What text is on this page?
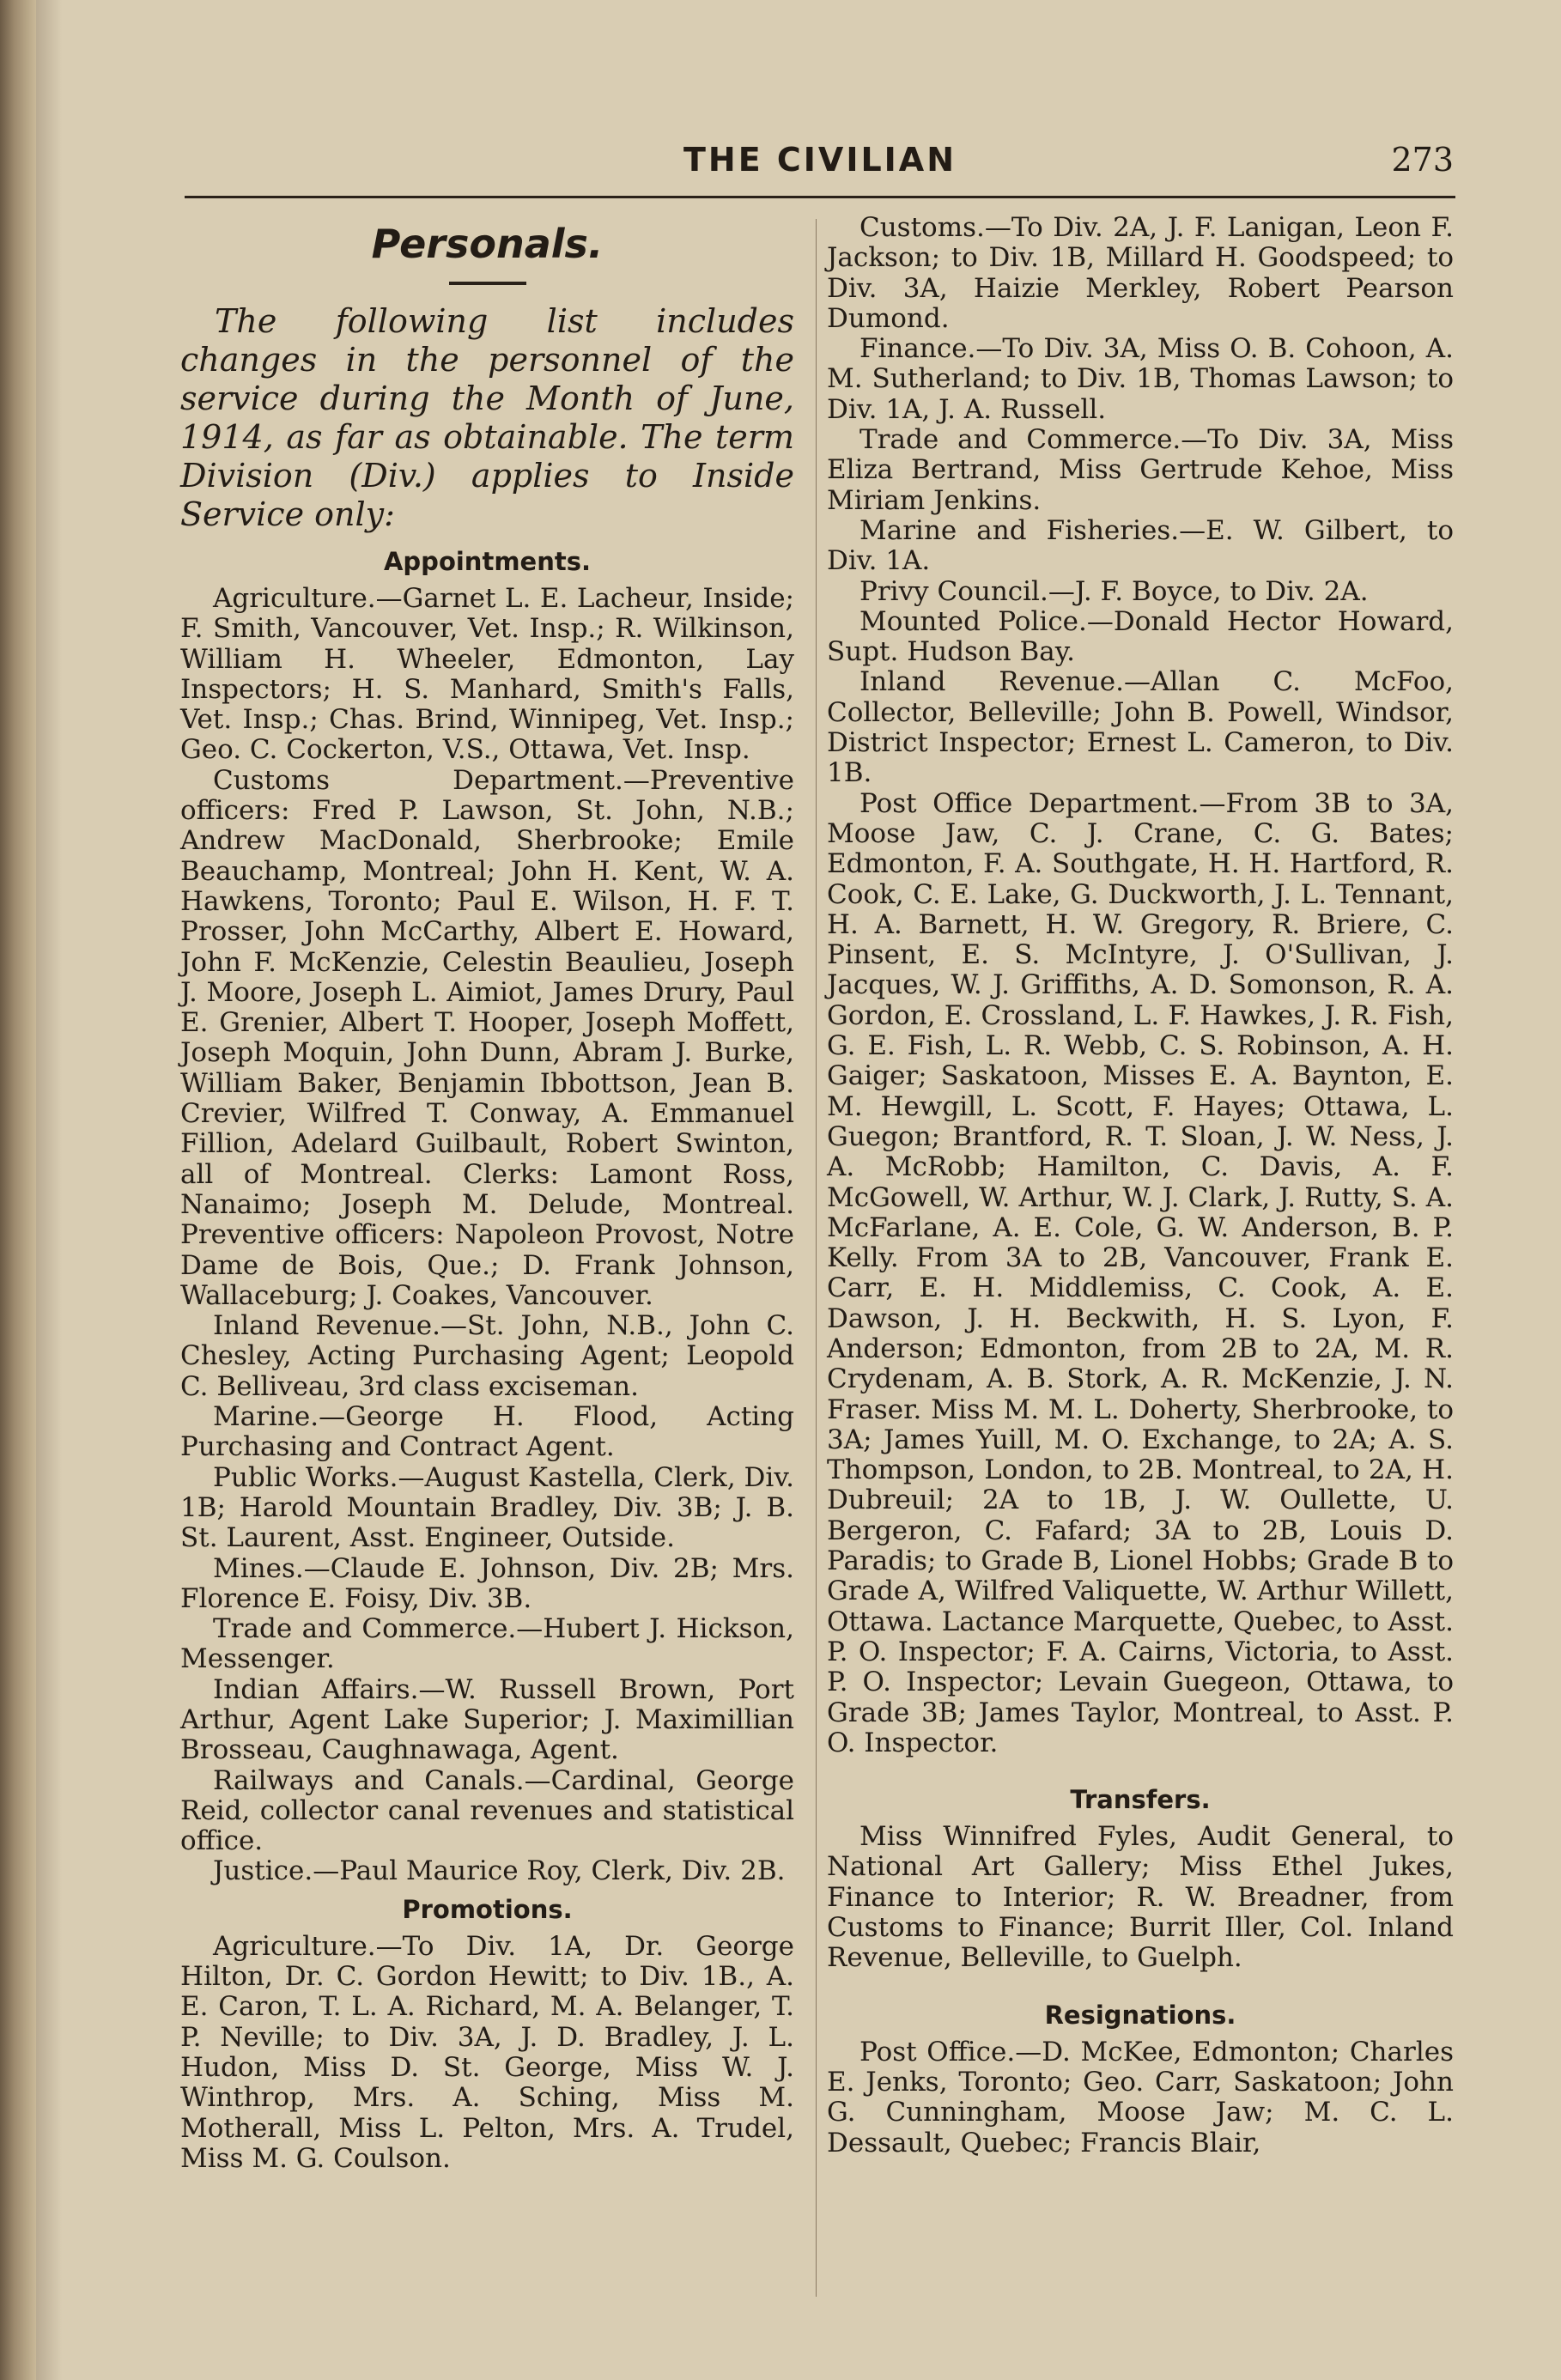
THE CIVILIAN	273
Personals.

The following list includes changes in the personnel of the service during the Month of June, 1914, as far as obtainable. The term Division (Div.) applies to Inside Service only:

Appointments.

Agriculture.—Garnet L. E. Lacheur, Inside; F. Smith, Vancouver, Vet. Insp.; R. Wilkinson, William H. Wheeler, Edmonton, Lay Inspectors; H. S. Manhard, Smith's Falls, Vet. Insp.; Chas. Brind, Winnipeg, Vet. Insp.; Geo. C. Cockerton, V.S., Ottawa, Vet. Insp.

Customs Department.—Preventive officers: Fred P. Lawson, St. John, N.B.; Andrew MacDonald, Sherbrooke; Emile Beauchamp, Montreal; John H. Kent, W. A. Hawkens, Toronto; Paul E. Wilson, H. F. T. Prosser, John McCarthy, Albert E. Howard, John F. McKenzie, Celestin Beaulieu, Joseph J. Moore, Joseph L. Aimiot, James Drury, Paul E. Grenier, Albert T. Hooper, Joseph Moffett, Joseph Moquin, John Dunn, Abram J. Burke, William Baker, Benjamin Ibbottson, Jean B. Crevier, Wilfred T. Conway, A. Emmanuel Fillion, Adelard Guilbault, Robert Swinton, all of Montreal. Clerks: Lamont Ross, Nanaimo; Joseph M. Delude, Montreal. Preventive officers: Napoleon Provost, Notre Dame de Bois, Que.; D. Frank Johnson, Wallaceburg; J. Coakes, Vancouver.

Inland Revenue.—St. John, N.B., John C. Chesley, Acting Purchasing Agent; Leopold C. Belliveau, 3rd class exciseman.

Marine.—George H. Flood, Acting Purchasing and Contract Agent.

Public Works.—August Kastella, Clerk, Div. 1B; Harold Mountain Bradley, Div. 3B; J. B. St. Laurent, Asst. Engineer, Outside.

Mines.—Claude E. Johnson, Div. 2B; Mrs. Florence E. Foisy, Div. 3B.

Trade and Commerce.—Hubert J. Hickson, Messenger.

Indian Affairs.—W. Russell Brown, Port Arthur, Agent Lake Superior; J. Maximillian Brosseau, Caughnawaga, Agent.

Railways and Canals.—Cardinal, George Reid, collector canal revenues and statistical office.

Justice.—Paul Maurice Roy, Clerk, Div. 2B.

Promotions.

Agriculture.—To Div. 1A, Dr. George Hilton, Dr. C. Gordon Hewitt; to Div. 1B., A. E. Caron, T. L. A. Richard, M. A. Belanger, T. P. Neville; to Div. 3A, J. D. Bradley, J. L. Hudon, Miss D. St. George, Miss W. J. Winthrop, Mrs. A. Sching, Miss M. Motherall, Miss L. Pelton, Mrs. A. Trudel, Miss M. G. Coulson.

Customs.—To Div. 2A, J. F. Lanigan, Leon F. Jackson; to Div. 1B, Millard H. Goodspeed; to Div. 3A, Haizie Merkley, Robert Pearson Dumond.

Finance.—To Div. 3A, Miss O. B. Cohoon, A. M. Sutherland; to Div. 1B, Thomas Lawson; to Div. 1A, J. A. Russell.

Trade and Commerce.—To Div. 3A, Miss Eliza Bertrand, Miss Gertrude Kehoe, Miss Miriam Jenkins.

Marine and Fisheries.—E. W. Gilbert, to Div. 1A.

Privy Council.—J. F. Boyce, to Div. 2A.

Mounted Police.—Donald Hector Howard, Supt. Hudson Bay.

Inland Revenue.—Allan C. McFoo, Collector, Belleville; John B. Powell, Windsor, District Inspector; Ernest L. Cameron, to Div. 1B.

Post Office Department.—From 3B to 3A, Moose Jaw, C. J. Crane, C. G. Bates; Edmonton, F. A. Southgate, H. H. Hartford, R. Cook, C. E. Lake, G. Duckworth, J. L. Tennant, H. A. Barnett, H. W. Gregory, R. Briere, C. Pinsent, E. S. McIntyre, J. O'Sullivan, J. Jacques, W. J. Griffiths, A. D. Somonson, R. A. Gordon, E. Crossland, L. F. Hawkes, J. R. Fish, G. E. Fish, L. R. Webb, C. S. Robinson, A. H. Gaiger; Saskatoon, Misses E. A. Baynton, E. M. Hewgill, L. Scott, F. Hayes; Ottawa, L. Guegon; Brantford, R. T. Sloan, J. W. Ness, J. A. McRobb; Hamilton, C. Davis, A. F. McGowell, W. Arthur, W. J. Clark, J. Rutty, S. A. McFarlane, A. E. Cole, G. W. Anderson, B. P. Kelly. From 3A to 2B, Vancouver, Frank E. Carr, E. H. Middlemiss, C. Cook, A. E. Dawson, J. H. Beckwith, H. S. Lyon, F. Anderson; Edmonton, from 2B to 2A, M. R. Crydenam, A. B. Stork, A. R. McKenzie, J. N. Fraser. Miss M. M. L. Doherty, Sherbrooke, to 3A; James Yuill, M. O. Exchange, to 2A; A. S. Thompson, London, to 2B. Montreal, to 2A, H. Dubreuil; 2A to 1B, J. W. Oullette, U. Bergeron, C. Fafard; 3A to 2B, Louis D. Paradis; to Grade B, Lionel Hobbs; Grade B to Grade A, Wilfred Valiquette, W. Arthur Willett, Ottawa. Lactance Marquette, Quebec, to Asst. P. O. Inspector; F. A. Cairns, Victoria, to Asst. P. O. Inspector; Levain Guegeon, Ottawa, to Grade 3B; James Taylor, Montreal, to Asst. P. O. Inspector.

Transfers.

Miss Winnifred Fyles, Audit General, to National Art Gallery; Miss Ethel Jukes, Finance to Interior; R. W. Breadner, from Customs to Finance; Burrit Iller, Col. Inland Revenue, Belleville, to Guelph.

Resignations.

Post Office.—D. McKee, Edmonton; Charles E. Jenks, Toronto; Geo. Carr, Saskatoon; John G. Cunningham, Moose Jaw; M. C. L. Dessault, Quebec; Francis Blair,
